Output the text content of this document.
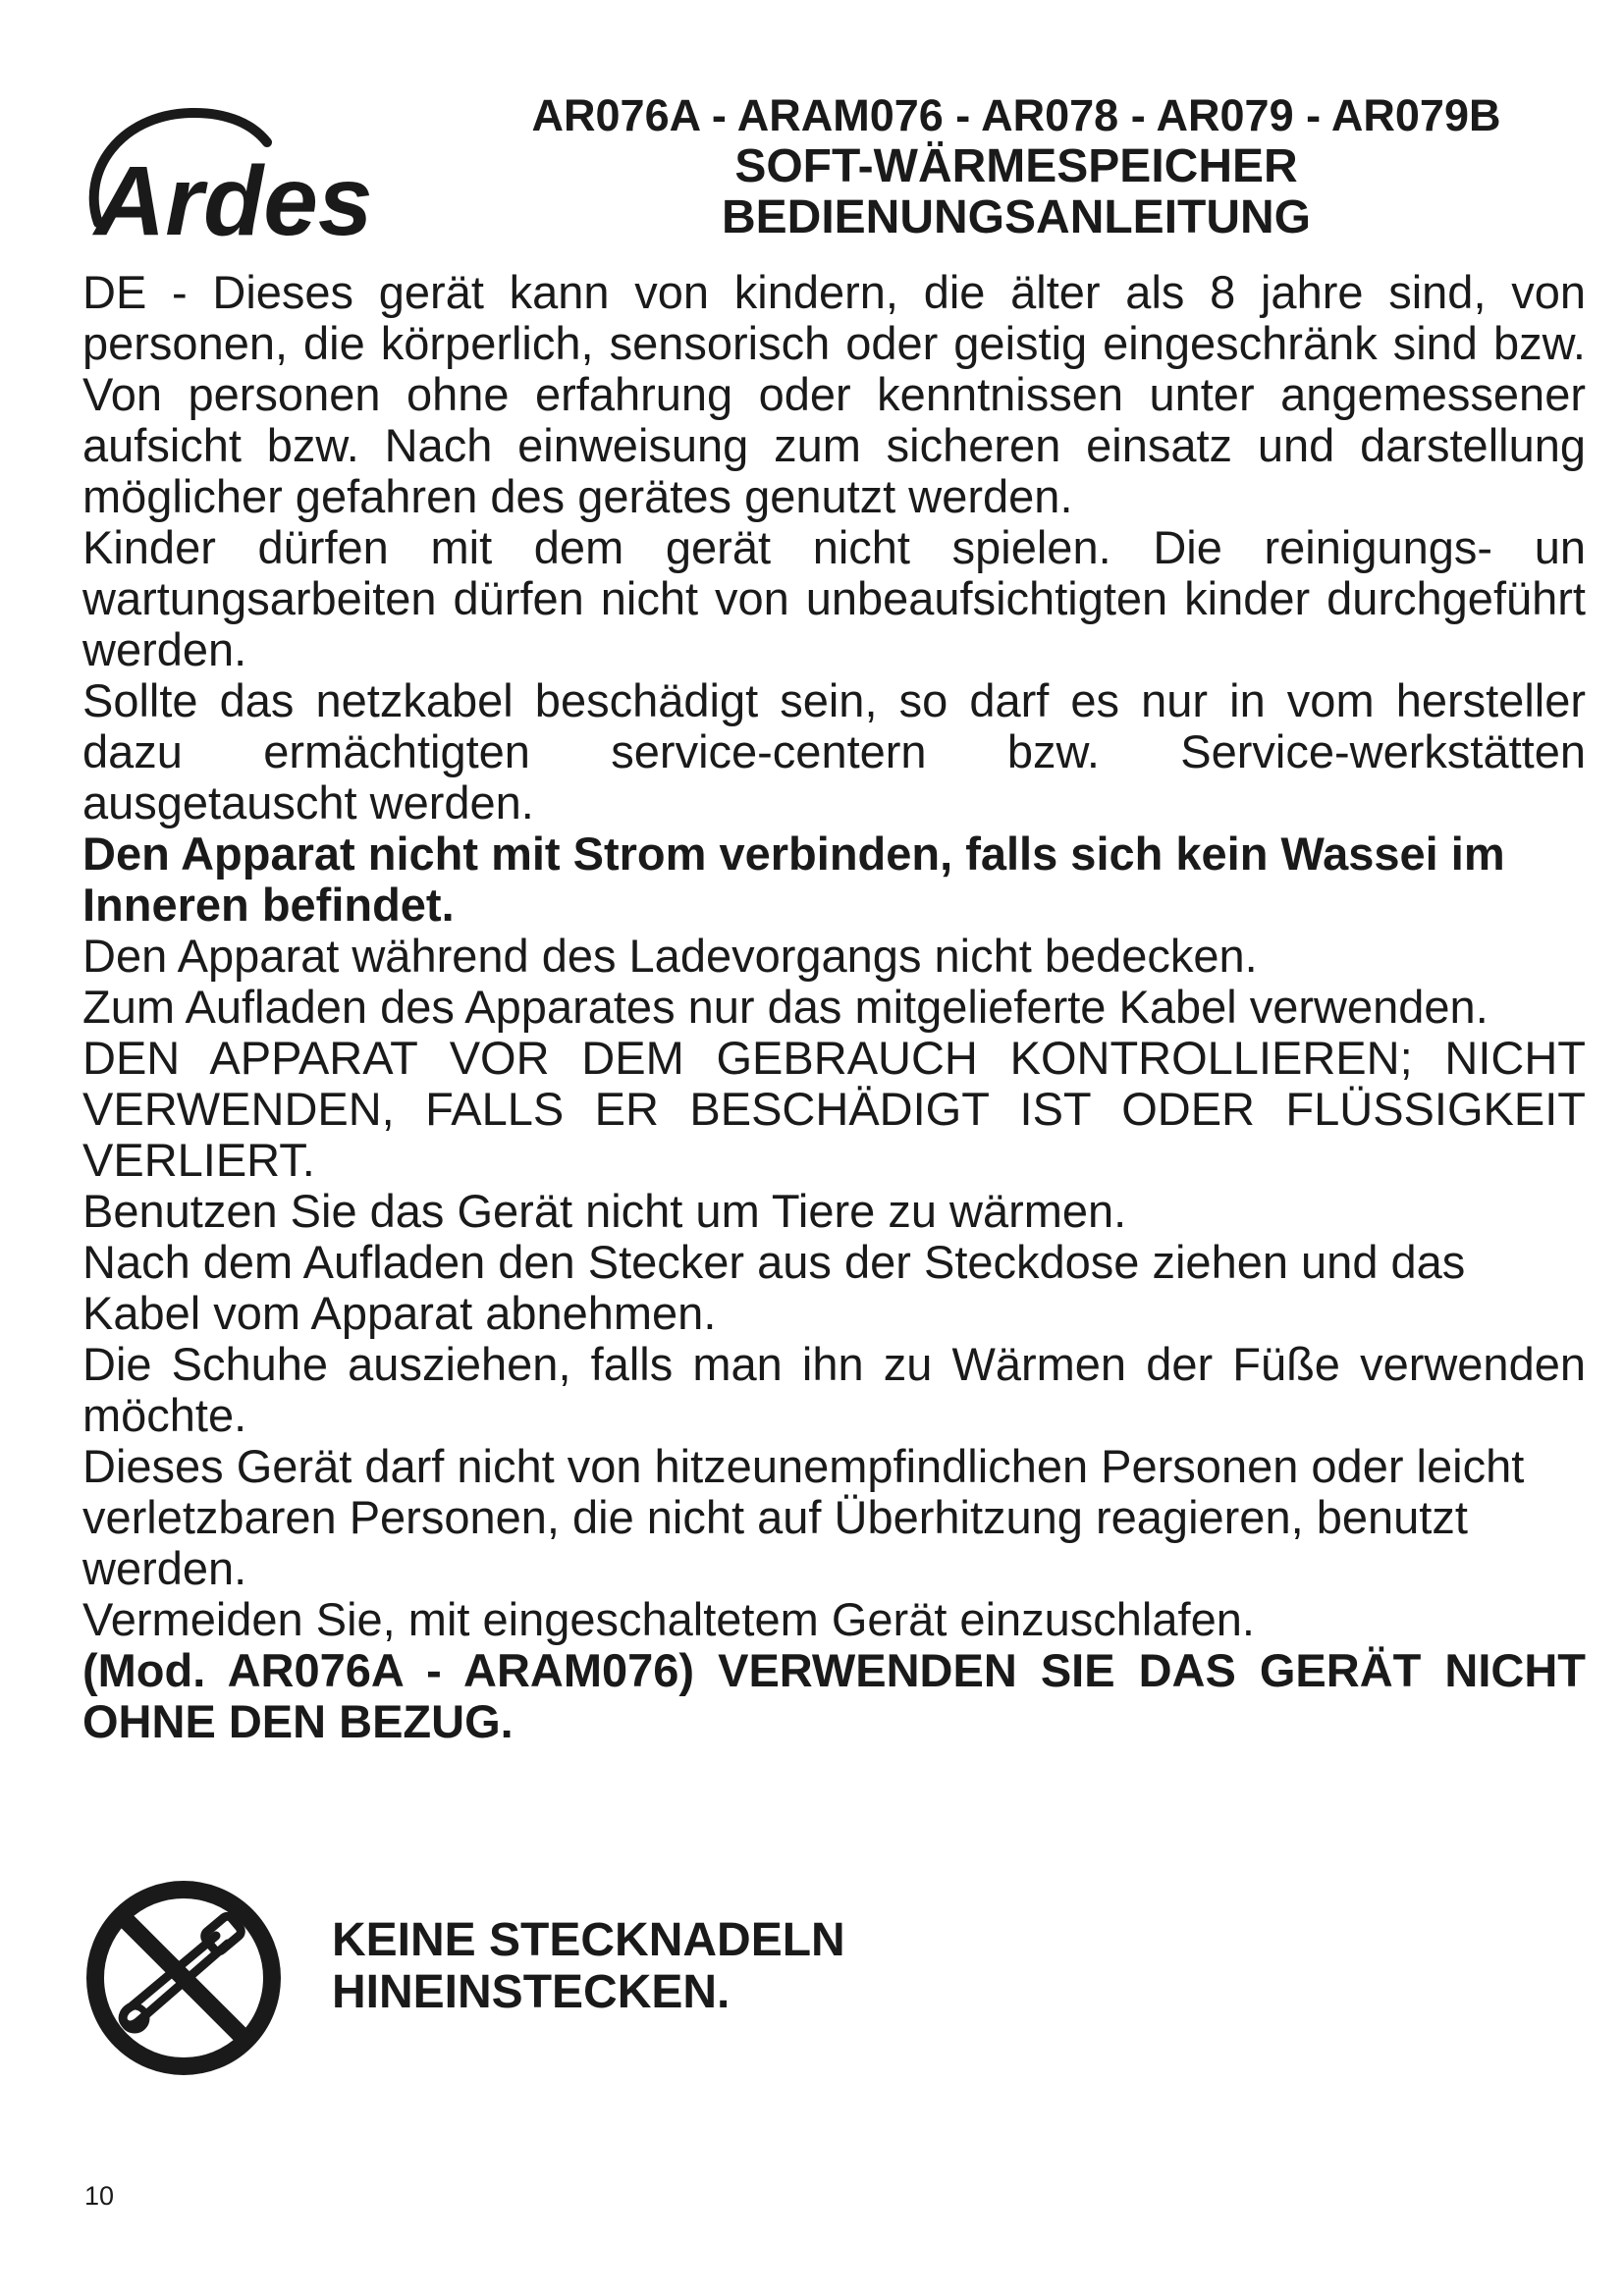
Ardes
AR076A - ARAM076 - AR078 - AR079 - AR079B
SOFT-WÄRMESPEICHER
BEDIENUNGSANLEITUNG

DE - Dieses gerät kann von kindern, die älter als 8 jahre sind, von personen, die körperlich, sensorisch oder geistig eingeschränk sind bzw. Von personen ohne erfahrung oder kenntnissen unter angemessener aufsicht bzw. Nach einweisung zum sicheren einsatz und darstellung möglicher gefahren des gerätes genutzt werden.

Kinder dürfen mit dem gerät nicht spielen. Die reinigungs- un wartungsarbeiten dürfen nicht von unbeaufsichtigten kinder durchgeführt werden.

Sollte das netzkabel beschädigt sein, so darf es nur in vom hersteller dazu ermächtigten service-centern bzw. Service-werkstätten ausgetauscht werden.

Den Apparat nicht mit Strom verbinden, falls sich kein Wassei im Inneren befindet.

Den Apparat während des Ladevorgangs nicht bedecken.

Zum Aufladen des Apparates nur das mitgelieferte Kabel verwenden.

DEN APPARAT VOR DEM GEBRAUCH KONTROLLIEREN; NICHT VERWENDEN, FALLS ER BESCHÄDIGT IST ODER FLÜSSIGKEIT VERLIERT.

Benutzen Sie das Gerät nicht um Tiere zu wärmen.

Nach dem Aufladen den Stecker aus der Steckdose ziehen und das Kabel vom Apparat abnehmen.

Die Schuhe ausziehen, falls man ihn zu Wärmen der Füße verwenden möchte.

Dieses Gerät darf nicht von hitzeunempfindlichen Personen oder leicht verletzbaren Personen, die nicht auf Überhitzung reagieren, benutzt werden.

Vermeiden Sie, mit eingeschaltetem Gerät einzuschlafen.

(Mod. AR076A - ARAM076) VERWENDEN SIE DAS GERÄT NICHT OHNE DEN BEZUG.

KEINE STECKNADELN
HINEINSTECKEN.
10
